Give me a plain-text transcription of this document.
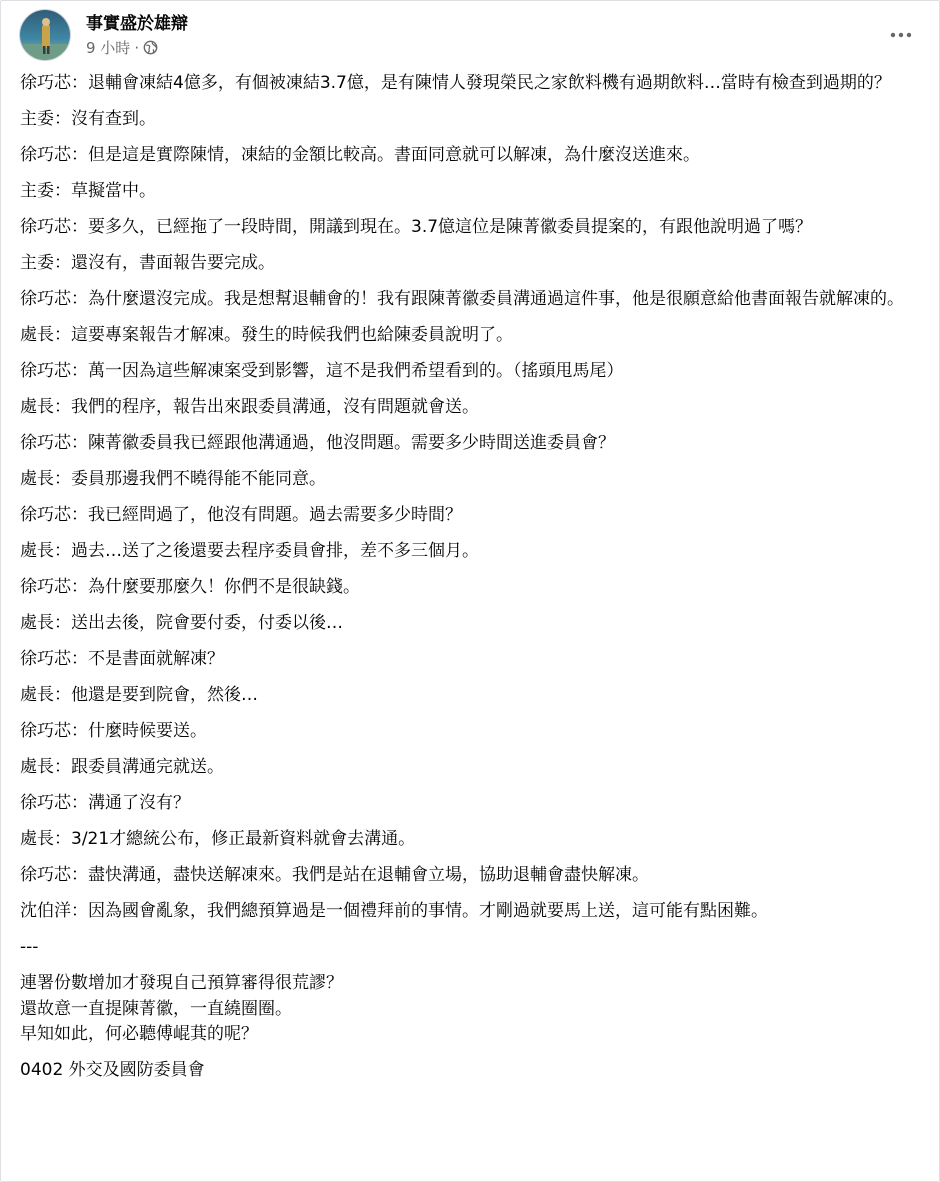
事實盛於雄辯
9 小時 ·
徐巧芯：退輔會凍結4億多，有個被凍結3.7億，是有陳情人發現榮民之家飲料機有過期飲料…當時有檢查到過期的？
主委：沒有查到。
徐巧芯：但是這是實際陳情，凍結的金額比較高。書面同意就可以解凍，為什麼沒送進來。
主委：草擬當中。
徐巧芯：要多久，已經拖了一段時間，開議到現在。3.7億這位是陳菁徽委員提案的，有跟他說明過了嗎？
主委：還沒有，書面報告要完成。
徐巧芯：為什麼還沒完成。我是想幫退輔會的！我有跟陳菁徽委員溝通過這件事，他是很願意給他書面報告就解凍的。
處長：這要專案報告才解凍。發生的時候我們也給陳委員說明了。
徐巧芯：萬一因為這些解凍案受到影響，這不是我們希望看到的。（搖頭甩馬尾）
處長：我們的程序，報告出來跟委員溝通，沒有問題就會送。
徐巧芯：陳菁徽委員我已經跟他溝通過，他沒問題。需要多少時間送進委員會？
處長：委員那邊我們不曉得能不能同意。
徐巧芯：我已經問過了，他沒有問題。過去需要多少時間？
處長：過去…送了之後還要去程序委員會排，差不多三個月。
徐巧芯：為什麼要那麼久！你們不是很缺錢。
處長：送出去後，院會要付委，付委以後…
徐巧芯：不是書面就解凍？
處長：他還是要到院會，然後…
徐巧芯：什麼時候要送。
處長：跟委員溝通完就送。
徐巧芯：溝通了沒有？
處長：3/21才總統公布，修正最新資料就會去溝通。
徐巧芯：盡快溝通，盡快送解凍來。我們是站在退輔會立場，協助退輔會盡快解凍。
沈伯洋：因為國會亂象，我們總預算過是一個禮拜前的事情。才剛過就要馬上送，這可能有點困難。
---
連署份數增加才發現自己預算審得很荒謬？
還故意一直提陳菁徽，一直繞圈圈。
早知如此，何必聽傅崐萁的呢？
0402 外交及國防委員會
